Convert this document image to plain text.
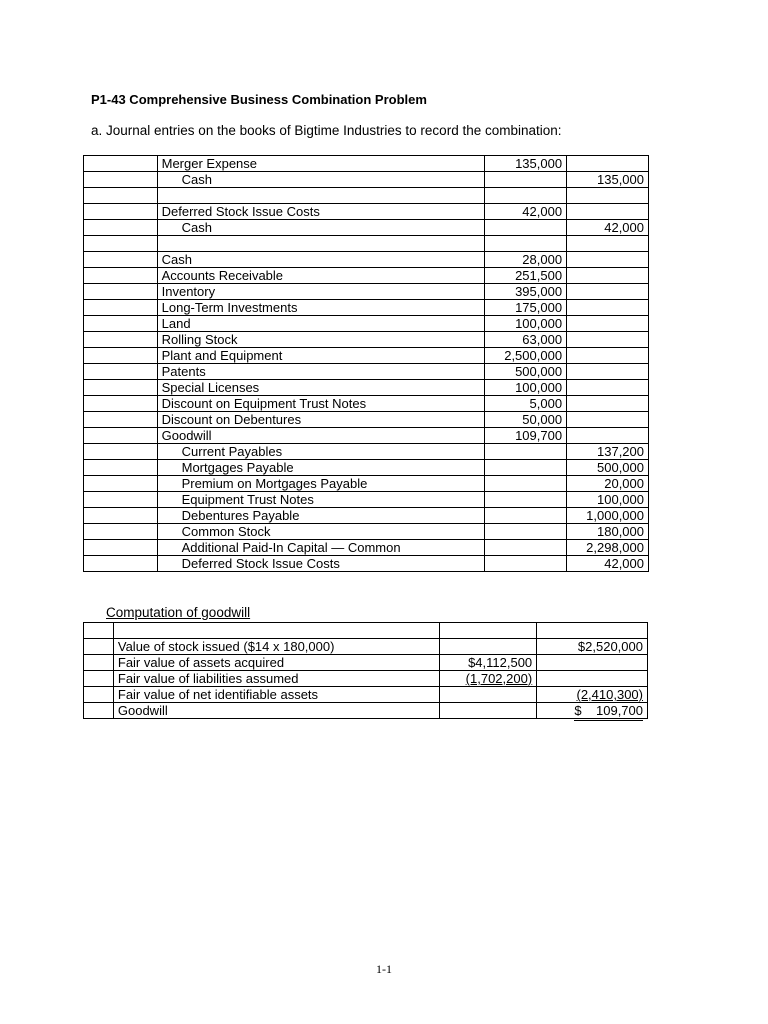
P1-43 Comprehensive Business Combination Problem
a. Journal entries on the books of Bigtime Industries to record the combination:
	Merger Expense	135,000	
	Cash		135,000

	Deferred Stock Issue Costs	42,000	
	Cash		42,000

	Cash	28,000	
	Accounts Receivable	251,500	
	Inventory	395,000	
	Long-Term Investments	175,000	
	Land	100,000	
	Rolling Stock	63,000	
	Plant and Equipment	2,500,000	
	Patents	500,000	
	Special Licenses	100,000	
	Discount on Equipment Trust Notes	5,000	
	Discount on Debentures	50,000	
	Goodwill	109,700	
	Current Payables		137,200
	Mortgages Payable		500,000
	Premium on Mortgages Payable		20,000
	Equipment Trust Notes		100,000
	Debentures Payable		1,000,000
	Common Stock		180,000
	Additional Paid-In Capital — Common		2,298,000
	Deferred Stock Issue Costs		42,000
Computation of goodwill

	Value of stock issued ($14 x 180,000)		$2,520,000
	Fair value of assets acquired	$4,112,500	
	Fair value of liabilities assumed	(1,702,200)	
	Fair value of net identifiable assets		(2,410,300)
	Goodwill		$    109,700
1-1
